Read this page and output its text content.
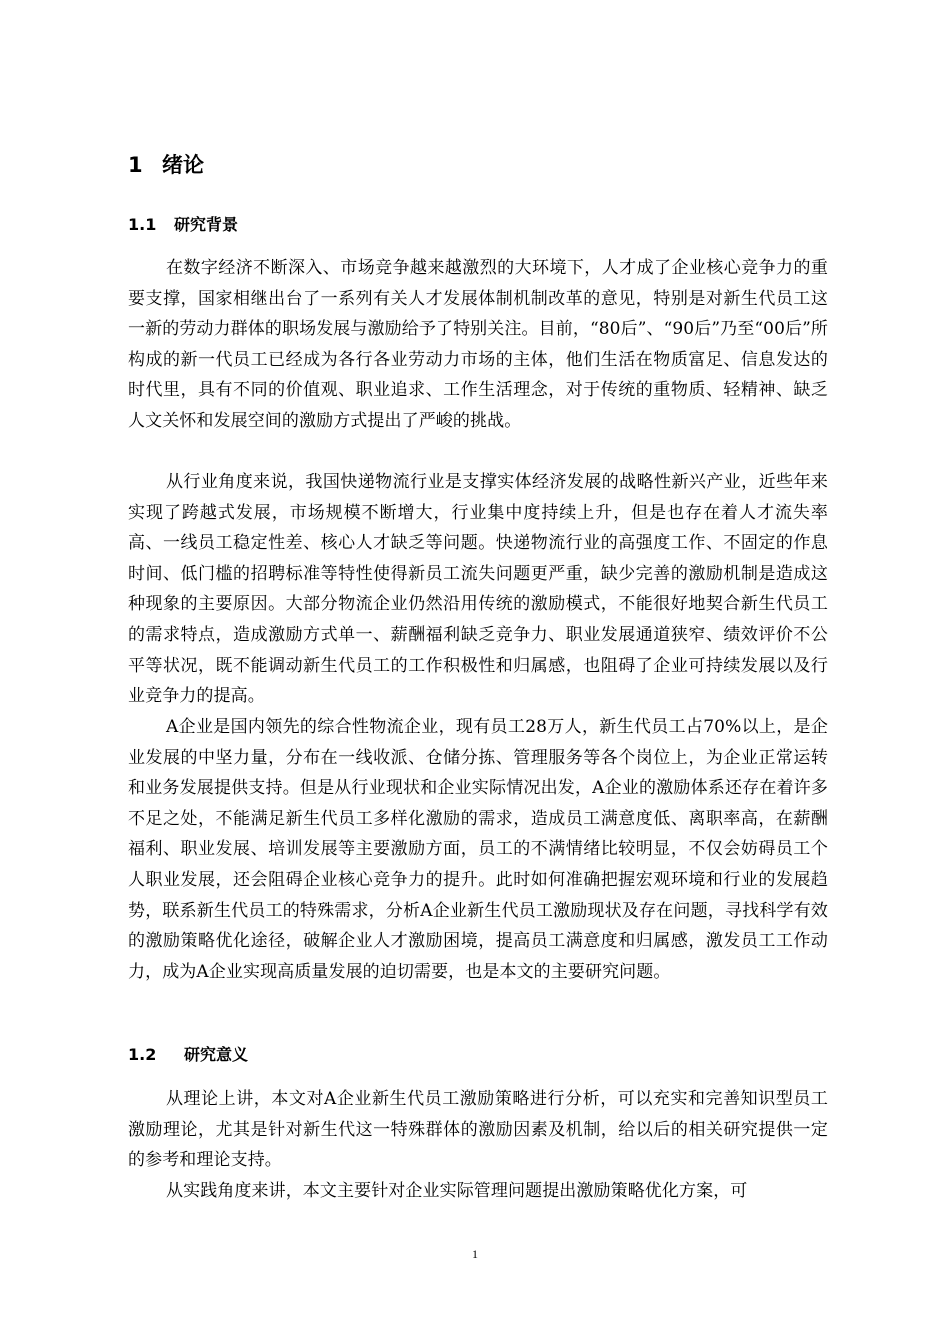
1 绪论
1.1 研究背景

在数字经济不断深入、市场竞争越来越激烈的大环境下，人才成了企业核心竞争力的重要支撑，国家相继出台了一系列有关人才发展体制机制改革的意见，特别是对新生代员工这一新的劳动力群体的职场发展与激励给予了特别关注。目前，“80后”、“90后”乃至“00后”所构成的新一代员工已经成为各行各业劳动力市场的主体，他们生活在物质富足、信息发达的时代里，具有不同的价值观、职业追求、工作生活理念，对于传统的重物质、轻精神、缺乏人文关怀和发展空间的激励方式提出了严峻的挑战。

从行业角度来说，我国快递物流行业是支撑实体经济发展的战略性新兴产业，近些年来实现了跨越式发展，市场规模不断增大，行业集中度持续上升，但是也存在着人才流失率高、一线员工稳定性差、核心人才缺乏等问题。快递物流行业的高强度工作、不固定的作息时间、低门槛的招聘标准等特性使得新员工流失问题更严重，缺少完善的激励机制是造成这种现象的主要原因。大部分物流企业仍然沿用传统的激励模式，不能很好地契合新生代员工的需求特点，造成激励方式单一、薪酬福利缺乏竞争力、职业发展通道狭窄、绩效评价不公平等状况，既不能调动新生代员工的工作积极性和归属感，也阻碍了企业可持续发展以及行业竞争力的提高。

A企业是国内领先的综合性物流企业，现有员工28万人，新生代员工占70%以上，是企业发展的中坚力量，分布在一线收派、仓储分拣、管理服务等各个岗位上，为企业正常运转和业务发展提供支持。但是从行业现状和企业实际情况出发，A企业的激励体系还存在着许多不足之处，不能满足新生代员工多样化激励的需求，造成员工满意度低、离职率高，在薪酬福利、职业发展、培训发展等主要激励方面，员工的不满情绪比较明显，不仅会妨碍员工个人职业发展，还会阻碍企业核心竞争力的提升。此时如何准确把握宏观环境和行业的发展趋势，联系新生代员工的特殊需求，分析A企业新生代员工激励现状及存在问题，寻找科学有效的激励策略优化途径，破解企业人才激励困境，提高员工满意度和归属感，激发员工工作动力，成为A企业实现高质量发展的迫切需要，也是本文的主要研究问题。

1.2 研究意义

从理论上讲，本文对A企业新生代员工激励策略进行分析，可以充实和完善知识型员工激励理论，尤其是针对新生代这一特殊群体的激励因素及机制，给以后的相关研究提供一定的参考和理论支持。

从实践角度来讲，本文主要针对企业实际管理问题提出激励策略优化方案，可

1
